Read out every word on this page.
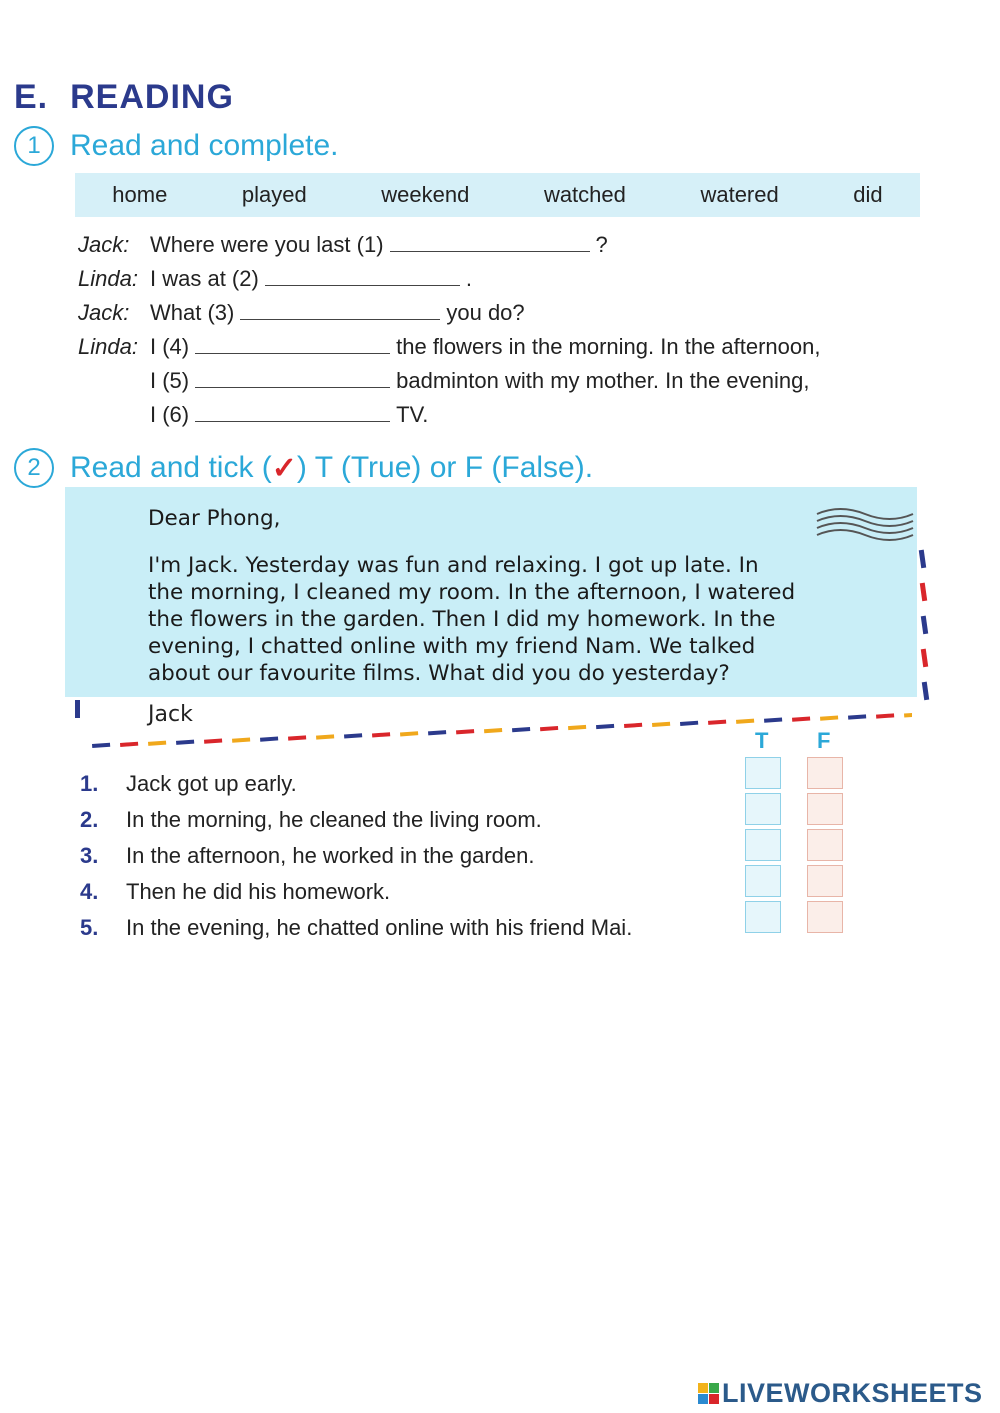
E. READING
1 Read and complete.
home	played	weekend	watched	watered	did
Jack: Where were you last (1)	?
Linda: I was at (2)	.
Jack: What (3)	you do?
Linda: I (4)	the flowers in the morning. In the afternoon,
I (5)	badminton with my mother. In the evening,
I (6)	TV.
2 Read and tick ( ✓ ) T (True) or F (False).
Dear Phong,
I'm Jack. Yesterday was fun and relaxing. I got up late. In
the morning, I cleaned my room. In the afternoon, I watered
the flowers in the garden. Then I did my homework. In the
evening, I chatted online with my friend Nam. We talked
about our favourite films. What did you do yesterday?
Jack
T F
1.	Jack got up early.
2.	In the morning, he cleaned the living room.
3.	In the afternoon, he worked in the garden.
4.	Then he did his homework.
5.	In the evening, he chatted online with his friend Mai.
LIVEWORKSHEETS
